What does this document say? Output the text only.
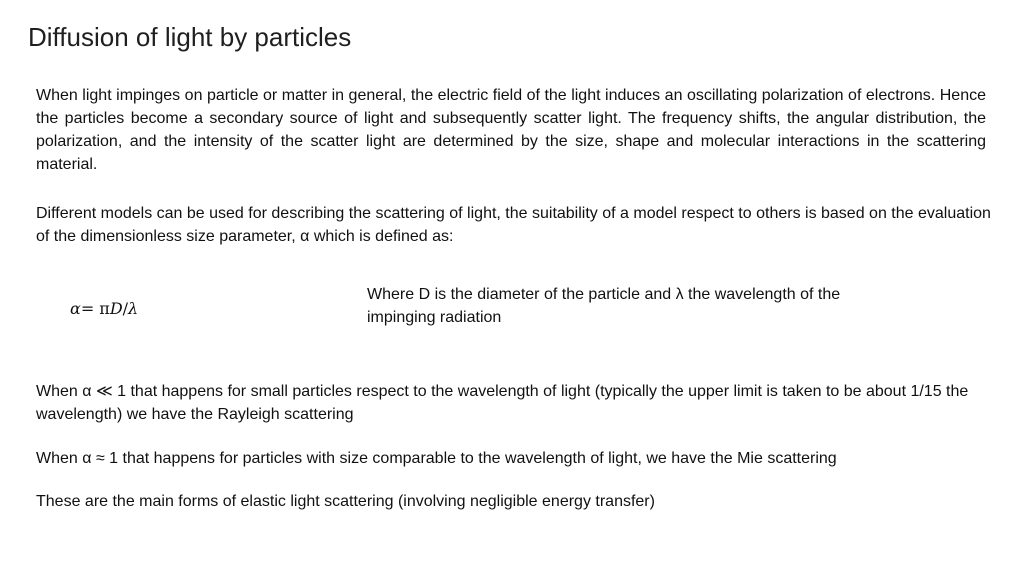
Diffusion of light by particles
When light impinges on particle or matter in general, the electric field of the light induces an oscillating polarization of electrons. Hence the particles become a secondary source of light and subsequently scatter light. The frequency shifts, the angular distribution, the polarization, and the intensity of the scatter light are determined by the size, shape and molecular interactions in the scattering material.
Different models can be used for describing the scattering of light, the suitability of a model respect to others is based on the evaluation of the dimensionless size parameter, α which is defined as:
α= πD/λ
Where D is the diameter of the particle and λ the wavelength of the impinging radiation
When α ≪ 1 that happens for small particles respect to the wavelength of light (typically the upper limit is taken to be about 1/15 the wavelength) we have the Rayleigh scattering
When α ≈ 1 that happens for particles with size comparable to the wavelength of light, we have the Mie scattering
These are the main forms of elastic light scattering (involving negligible energy transfer)
